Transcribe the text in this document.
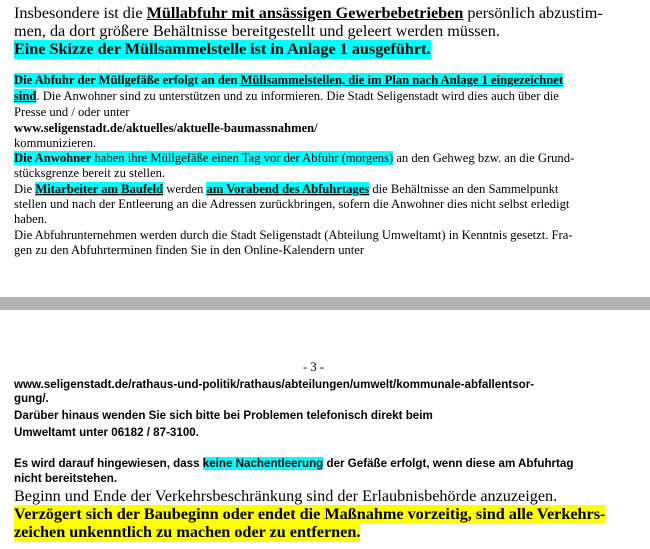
Insbesondere ist die Müllabfuhr mit ansässigen Gewerbebetrieben persönlich abzustim-
men, da dort größere Behältnisse bereitgestellt und geleert werden müssen.
Eine Skizze der Müllsammelstelle ist in Anlage 1 ausgeführt.
Die Abfuhr der Müllgefäße erfolgt an den Müllsammelstellen, die im Plan nach Anlage 1 eingezeichnet
sind. Die Anwohner sind zu unterstützen und zu informieren. Die Stadt Seligenstadt wird dies auch über die
Presse und / oder unter
www.seligenstadt.de/aktuelles/aktuelle-baumassnahmen/
kommunizieren.
Die Anwohner haben ihre Müllgefäße einen Tag vor der Abfuhr (morgens) an den Gehweg bzw. an die Grund-
stücksgrenze bereit zu stellen.
Die Mitarbeiter am Baufeld werden am Vorabend des Abfuhrtages die Behältnisse an den Sammelpunkt
stellen und nach der Entleerung an die Adressen zurückbringen, sofern die Anwohner dies nicht selbst erledigt
haben.
Die Abfuhrunternehmen werden durch die Stadt Seligenstadt (Abteilung Umweltamt) in Kenntnis gesetzt. Fra-
gen zu den Abfuhrterminen finden Sie in den Online-Kalendern unter
- 3 -
www.seligenstadt.de/rathaus-und-politik/rathaus/abteilungen/umwelt/kommunale-abfallentsor-
gung/.
Darüber hinaus wenden Sie sich bitte bei Problemen telefonisch direkt beim
Umweltamt unter 06182 / 87-3100.
Es wird darauf hingewiesen, dass keine Nachentleerung der Gefäße erfolgt, wenn diese am Abfuhrtag
nicht bereitstehen.
Beginn und Ende der Verkehrsbeschränkung sind der Erlaubnisbehörde anzuzeigen.
Verzögert sich der Baubeginn oder endet die Maßnahme vorzeitig, sind alle Verkehrs-
zeichen unkenntlich zu machen oder zu entfernen.
